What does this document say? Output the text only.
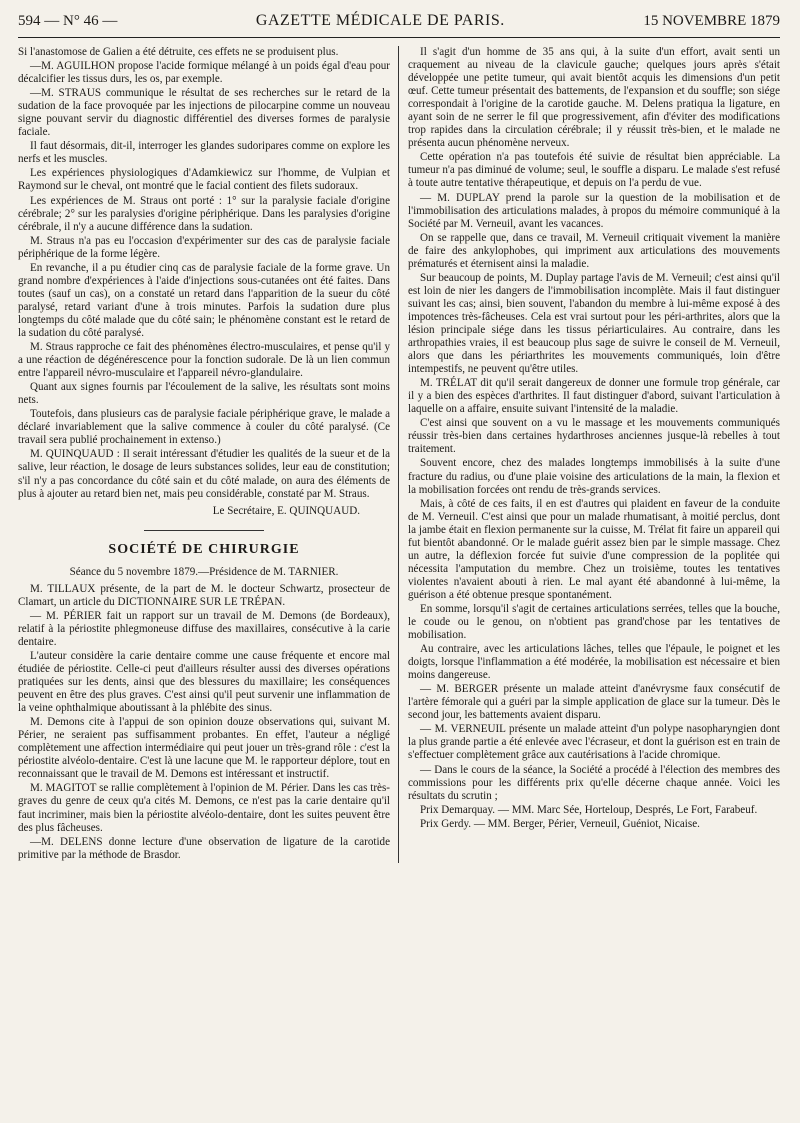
594 — N° 46 —	GAZETTE MÉDICALE DE PARIS.	15 NOVEMBRE 1879

Si l'anastomose de Galien a été détruite, ces effets ne se produisent plus.

—M. AGUILHON propose l'acide formique mélangé à un poids égal d'eau pour décalcifier les tissus durs, les os, par exemple.

—M. STRAUS communique le résultat de ses recherches sur le retard de la sudation de la face provoquée par les injections de pilocarpine comme un nouveau signe pouvant servir du diagnostic différentiel des diverses formes de paralysie faciale.

Il faut désormais, dit-il, interroger les glandes sudoripares comme on explore les nerfs et les muscles.

Les expériences physiologiques d'Adamkiewicz sur l'homme, de Vulpian et Raymond sur le cheval, ont montré que le facial contient des filets sudoraux.

Les expériences de M. Straus ont porté : 1° sur la paralysie faciale d'origine cérébrale; 2° sur les paralysies d'origine périphérique. Dans les paralysies d'origine cérébrale, il n'y a aucune différence dans la sudation.

M. Straus n'a pas eu l'occasion d'expérimenter sur des cas de paralysie faciale périphérique de la forme légère.

En revanche, il a pu étudier cinq cas de paralysie faciale de la forme grave. Un grand nombre d'expériences à l'aide d'injections sous-cutanées ont été faites. Dans toutes (sauf un cas), on a constaté un retard dans l'apparition de la sueur du côté paralysé, retard variant d'une à trois minutes. Parfois la sudation dure plus longtemps du côté malade que du côté sain; le phénomène constant est le retard de la sudation du côté paralysé.

M. Straus rapproche ce fait des phénomènes électro-musculaires, et pense qu'il y a une réaction de dégénérescence pour la fonction sudorale. De là un lien commun entre l'appareil névro-musculaire et l'appareil névro-glandulaire.

Quant aux signes fournis par l'écoulement de la salive, les résultats sont moins nets.

Toutefois, dans plusieurs cas de paralysie faciale périphérique grave, le malade a déclaré invariablement que la salive commence à couler du côté paralysé. (Ce travail sera publié prochainement in extenso.)

M. QUINQUAUD : Il serait intéressant d'étudier les qualités de la sueur et de la salive, leur réaction, le dosage de leurs substances solides, leur eau de constitution; s'il n'y a pas concordance du côté sain et du côté malade, on aura des éléments de plus à ajouter au retard bien net, mais peu considérable, constaté par M. Straus.

Le Secrétaire, E. QUINQUAUD.

SOCIÉTÉ DE CHIRURGIE

Séance du 5 novembre 1879.—Présidence de M. TARNIER.

M. TILLAUX présente, de la part de M. le docteur Schwartz, prosecteur de Clamart, un article du DICTIONNAIRE SUR LE TRÉPAN.

— M. PÉRIER fait un rapport sur un travail de M. Demons (de Bordeaux), relatif à la périostite phlegmoneuse diffuse des maxillaires, consécutive à la carie dentaire.

L'auteur considère la carie dentaire comme une cause fréquente et encore mal étudiée de périostite. Celle-ci peut d'ailleurs résulter aussi des diverses opérations pratiquées sur les dents, ainsi que des blessures du maxillaire; les conséquences peuvent en être des plus graves. C'est ainsi qu'il peut survenir une inflammation de la veine ophthalmique aboutissant à la phlébite des sinus.

M. Demons cite à l'appui de son opinion douze observations qui, suivant M. Périer, ne seraient pas suffisamment probantes. En effet, l'auteur a négligé complètement une affection intermédiaire qui peut jouer un très-grand rôle : c'est la périostite alvéolo-dentaire. C'est là une lacune que M. le rapporteur déplore, tout en reconnaissant que le travail de M. Demons est intéressant et instructif.

M. MAGITOT se rallie complètement à l'opinion de M. Périer. Dans les cas très-graves du genre de ceux qu'a cités M. Demons, ce n'est pas la carie dentaire qu'il faut incriminer, mais bien la périostite alvéolo-dentaire, dont les suites peuvent être des plus fâcheuses.

—M. DELENS donne lecture d'une observation de ligature de la carotide primitive par la méthode de Brasdor.

Il s'agit d'un homme de 35 ans qui, à la suite d'un effort, avait senti un craquement au niveau de la clavicule gauche; quelques jours après s'était développée une petite tumeur, qui avait bientôt acquis les dimensions d'un petit œuf. Cette tumeur présentait des battements, de l'expansion et du souffle; son siége correspondait à l'origine de la carotide gauche. M. Delens pratiqua la ligature, en ayant soin de ne serrer le fil que progressivement, afin d'éviter des modifications trop rapides dans la circulation cérébrale; il y réussit très-bien, et le malade ne présenta aucun phénomène nerveux.

Cette opération n'a pas toutefois été suivie de résultat bien appréciable. La tumeur n'a pas diminué de volume; seul, le souffle a disparu. Le malade s'est refusé à toute autre tentative thérapeutique, et depuis on l'a perdu de vue.

— M. DUPLAY prend la parole sur la question de la mobilisation et de l'immobilisation des articulations malades, à propos du mémoire communiqué à la Société par M. Verneuil, avant les vacances.

On se rappelle que, dans ce travail, M. Verneuil critiquait vivement la manière de faire des ankylophobes, qui impriment aux articulations des mouvements prématurés et éternisent ainsi la maladie.

Sur beaucoup de points, M. Duplay partage l'avis de M. Verneuil; c'est ainsi qu'il est loin de nier les dangers de l'immobilisation incomplète. Mais il faut distinguer suivant les cas; ainsi, bien souvent, l'abandon du membre à lui-même exposé à des impotences très-fâcheuses. Cela est vrai surtout pour les péri-arthrites, alors que la lésion principale siége dans les tissus périarticulaires. Au contraire, dans les arthropathies vraies, il est beaucoup plus sage de suivre le conseil de M. Verneuil, alors que dans les périarthrites les mouvements communiqués, loin d'être intempestifs, ne peuvent qu'être utiles.

M. TRÉLAT dit qu'il serait dangereux de donner une formule trop générale, car il y a bien des espèces d'arthrites. Il faut distinguer d'abord, suivant l'articulation à laquelle on a affaire, ensuite suivant l'intensité de la maladie.

C'est ainsi que souvent on a vu le massage et les mouvements communiqués réussir très-bien dans certaines hydarthroses anciennes jusque-là rebelles à tout traitement.

Souvent encore, chez des malades longtemps immobilisés à la suite d'une fracture du radius, ou d'une plaie voisine des articulations de la main, la flexion et la mobilisation forcées ont rendu de très-grands services.

Mais, à côté de ces faits, il en est d'autres qui plaident en faveur de la conduite de M. Verneuil. C'est ainsi que pour un malade rhumatisant, à moitié perclus, dont la jambe était en flexion permanente sur la cuisse, M. Trélat fit faire un appareil qui fut bientôt abandonné. Or le malade guérit assez bien par le simple massage. Chez un autre, la déflexion forcée fut suivie d'une compression de la poplitée qui nécessita l'amputation du membre. Chez un troisième, toutes les tentatives violentes n'avaient abouti à rien. Le mal ayant été abandonné à lui-même, la guérison a été obtenue presque spontanément.

En somme, lorsqu'il s'agit de certaines articulations serrées, telles que la bouche, le coude ou le genou, on n'obtient pas grand'chose par les tentatives de mobilisation.

Au contraire, avec les articulations lâches, telles que l'épaule, le poignet et les doigts, lorsque l'inflammation a été modérée, la mobilisation est nécessaire et bien moins dangereuse.

— M. BERGER présente un malade atteint d'anévrysme faux consécutif de l'artère fémorale qui a guéri par la simple application de glace sur la tumeur. Dès le second jour, les battements avaient disparu.

— M. VERNEUIL présente un malade atteint d'un polype nasopharyngien dont la plus grande partie a été enlevée avec l'écraseur, et dont la guérison est en train de s'effectuer complètement grâce aux cautérisations à l'acide chromique.

— Dans le cours de la séance, la Société a procédé à l'élection des membres des commissions pour les différents prix qu'elle décerne chaque année. Voici les résultats du scrutin ;

Prix Demarquay. — MM. Marc Sée, Horteloup, Després, Le Fort, Farabeuf.

Prix Gerdy. — MM. Berger, Périer, Verneuil, Guéniot, Nicaise.
